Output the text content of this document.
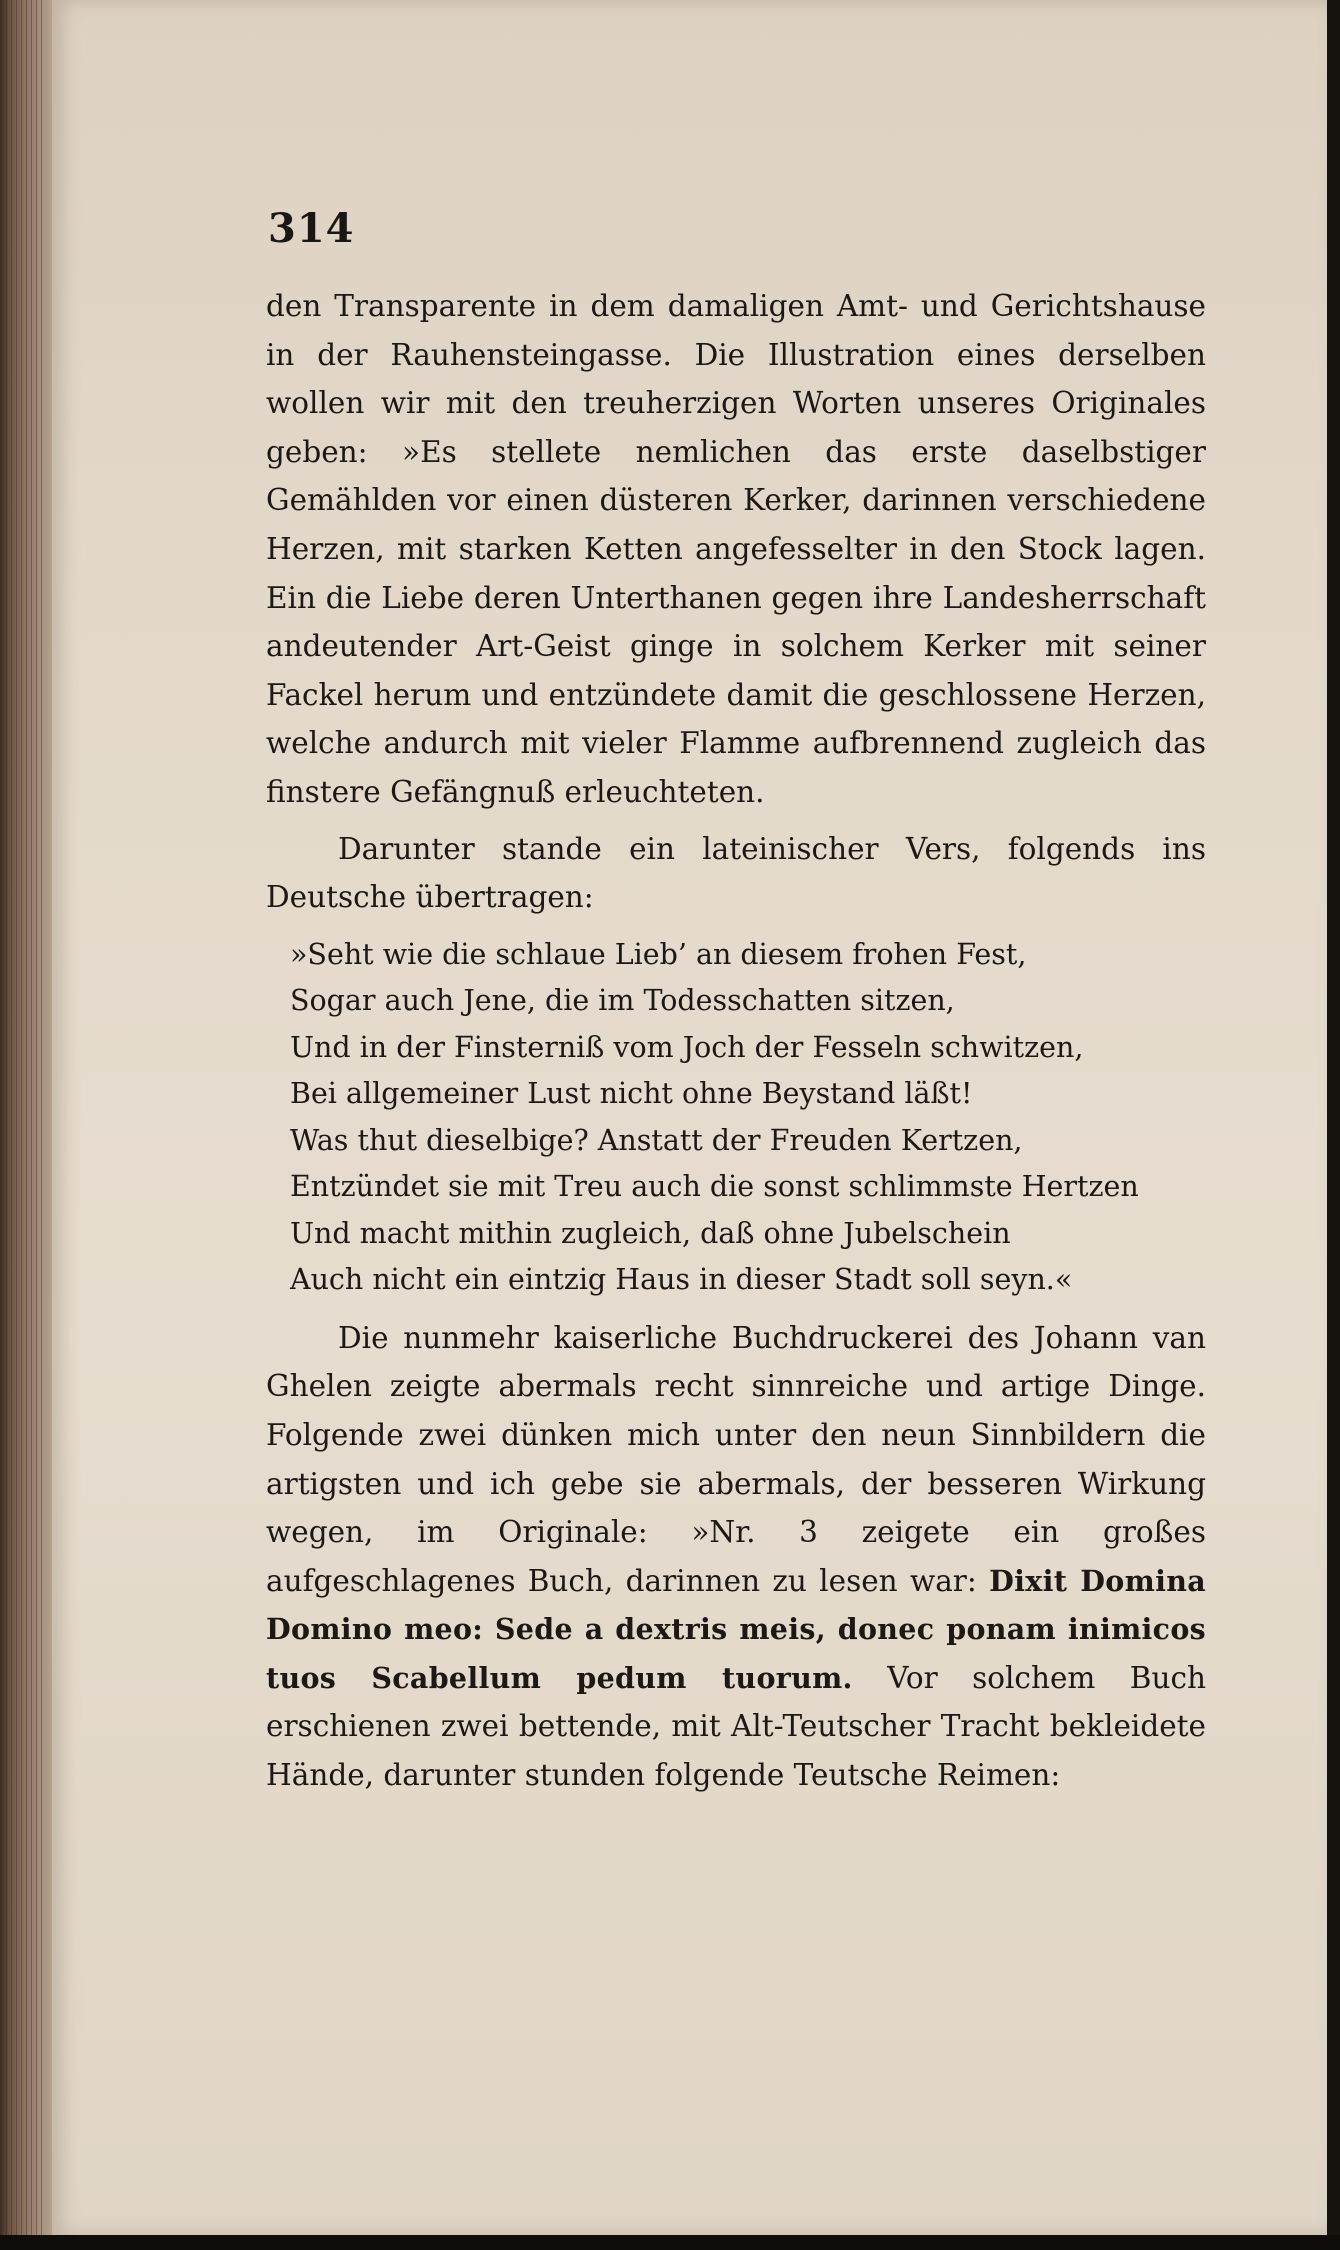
314

den Transparente in dem damaligen Amt- und Gerichtshause in der Rauhensteingasse. Die Illustration eines derselben wollen wir mit den treuherzigen Worten unseres Originales geben: »Es stellete nemlichen das erste daselbstiger Gemählden vor einen düsteren Kerker, darinnen verschiedene Herzen, mit starken Ketten angefesselter in den Stock lagen. Ein die Liebe deren Unterthanen gegen ihre Landesherrschaft andeutender Art-Geist ginge in solchem Kerker mit seiner Fackel herum und entzündete damit die geschlossene Herzen, welche andurch mit vieler Flamme aufbrennend zugleich das finstere Gefängnuß erleuchteten.

Darunter stande ein lateinischer Vers, folgends ins Deutsche übertragen:

»Seht wie die schlaue Lieb’ an diesem frohen Fest,
Sogar auch Jene, die im Todesschatten sitzen,
Und in der Finsterniß vom Joch der Fesseln schwitzen,
Bei allgemeiner Lust nicht ohne Beystand läßt!
Was thut dieselbige? Anstatt der Freuden Kertzen,
Entzündet sie mit Treu auch die sonst schlimmste Hertzen
Und macht mithin zugleich, daß ohne Jubelschein
Auch nicht ein eintzig Haus in dieser Stadt soll seyn.«

Die nunmehr kaiserliche Buchdruckerei des Johann van Ghelen zeigte abermals recht sinnreiche und artige Dinge. Folgende zwei dünken mich unter den neun Sinnbildern die artigsten und ich gebe sie abermals, der besseren Wirkung wegen, im Originale: »Nr. 3 zeigete ein großes aufgeschlagenes Buch, darinnen zu lesen war: Dixit Domina Domino meo: Sede a dextris meis, donec ponam inimicos tuos Scabellum pedum tuorum. Vor solchem Buch erschienen zwei bettende, mit Alt-Teutscher Tracht bekleidete Hände, darunter stunden folgende Teutsche Reimen:
